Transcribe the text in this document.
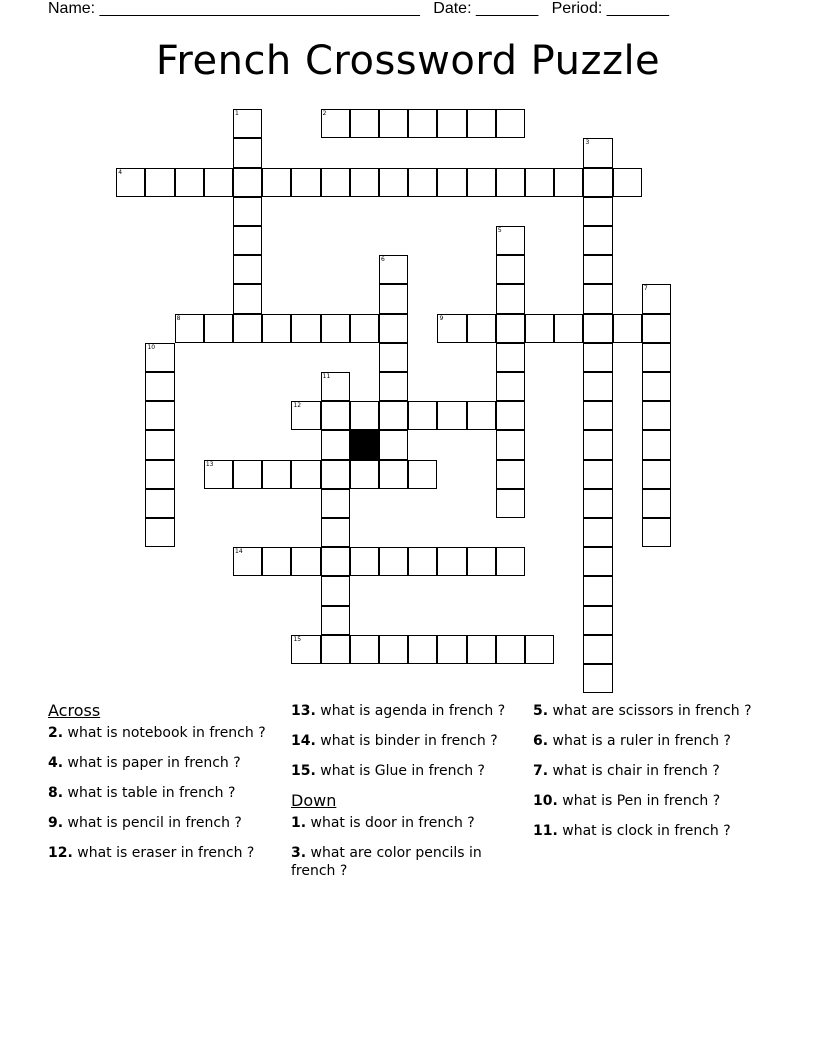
Name: ____________________________________ Date: _______ Period: _______
French Crossword Puzzle
1	2
3
4
5
6
7
8	9
10
11
12
13
14
15
Across
2. what is notebook in french ?
4. what is paper in french ?
8. what is table in french ?
9. what is pencil in french ?
12. what is eraser in french ?
13. what is agenda in french ?
14. what is binder in french ?
15. what is Glue in french ?
Down
1. what is door in french ?
3. what are color pencils in french ?
5. what are scissors in french ?
6. what is a ruler in french ?
7. what is chair in french ?
10. what is Pen in french ?
11. what is clock in french ?
